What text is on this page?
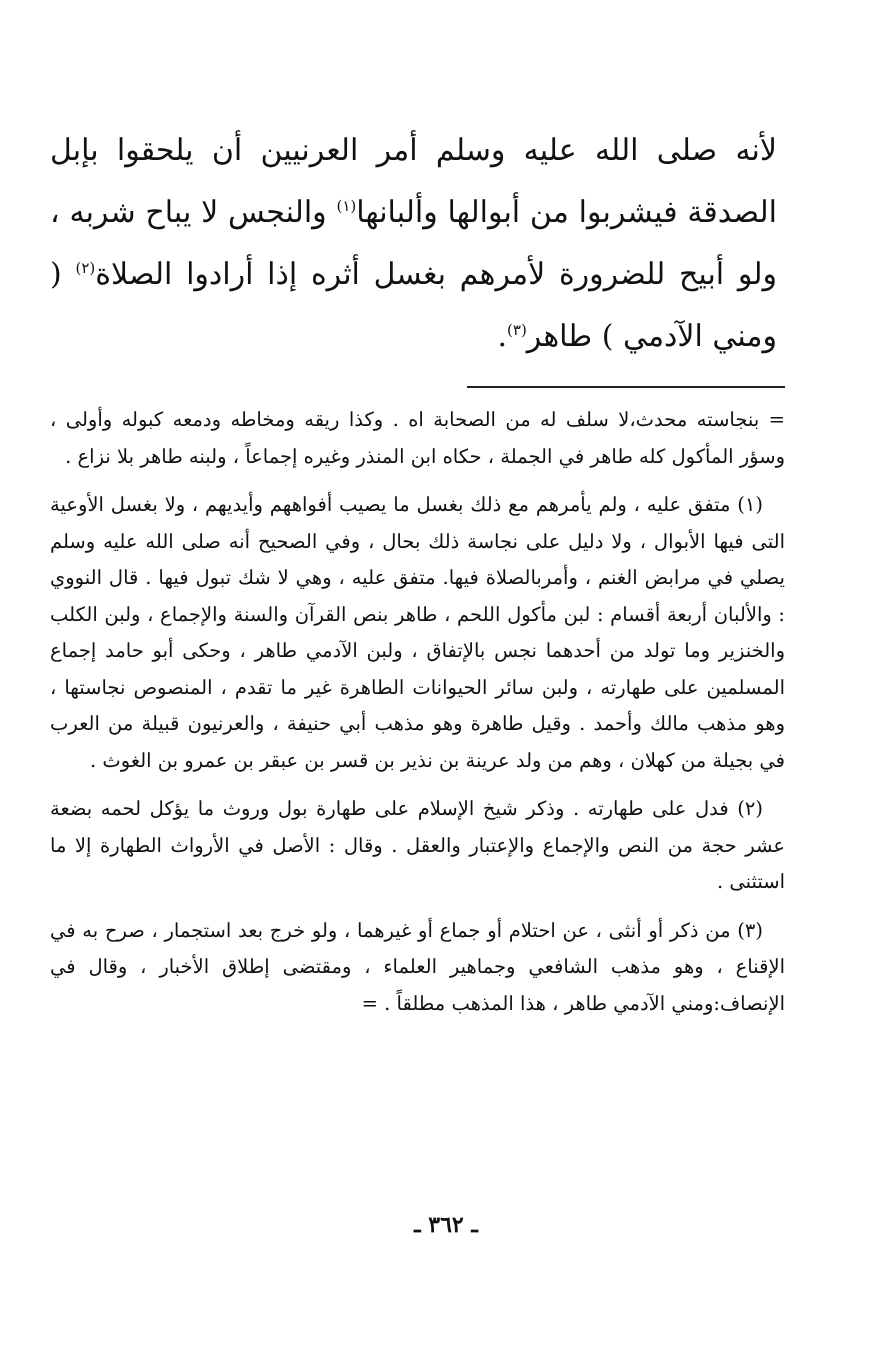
لأنه صلى الله عليه وسلم أمر العرنيين أن يلحقوا بإبل الصدقة فيشربوا من أبوالها وألبانها$^{(١)}$ والنجس لا يباح شربه ، ولو أبيح للضرورة لأمرهم بغسل أثره إذا أرادوا الصلاة$^{(٢)}$ ( ومني الآدمي ) طاهر$^{(٣)}$.

= بنجاسته محدث،لا سلف له من الصحابة اه . وكذا ريقه ومخاطه ودمعه كبوله وأولى ، وسؤر المأكول كله طاهر في الجملة ، حكاه ابن المنذر وغيره إجماعاً ، ولبنه طاهر بلا نزاع .

(١) متفق عليه ، ولم يأمرهم مع ذلك بغسل ما يصيب أفواههم وأيديهم ، ولا بغسل الأوعية التى فيها الأبوال ، ولا دليل على نجاسة ذلك بحال ، وفي الصحيح أنه صلى الله عليه وسلم يصلي في مرابض الغنم ، وأمربالصلاة فيها. متفق عليه ، وهي لا شك تبول فيها . قال النووي : والألبان أربعة أقسام : لبن مأكول اللحم ، طاهر بنص القرآن والسنة والإجماع ، ولبن الكلب والخنزير وما تولد من أحدهما نجس بالإتفاق ، ولبن الآدمي طاهر ، وحكى أبو حامد إجماع المسلمين على طهارته ، ولبن سائر الحيوانات الطاهرة غير ما تقدم ، المنصوص نجاستها ، وهو مذهب مالك وأحمد . وقيل طاهرة وهو مذهب أبي حنيفة ، والعرنيون قبيلة من العرب في بجيلة من كهلان ، وهم من ولد عرينة بن نذير بن قسر بن عبقر بن عمرو بن الغوث .

(٢) فدل على طهارته . وذكر شيخ الإسلام على طهارة بول وروث ما يؤكل لحمه بضعة عشر حجة من النص والإجماع والإعتبار والعقل . وقال : الأصل في الأرواث الطهارة إلا ما استثنى .

(٣) من ذكر أو أنثى ، عن احتلام أو جماع أو غيرهما ، ولو خرج بعد استجمار ، صرح به في الإقناع ، وهو مذهب الشافعي وجماهير العلماء ، ومقتضى إطلاق الأخبار ، وقال في الإنصاف:ومني الآدمي طاهر ، هذا المذهب مطلقاً . =

ـ ٣٦٢ ـ
